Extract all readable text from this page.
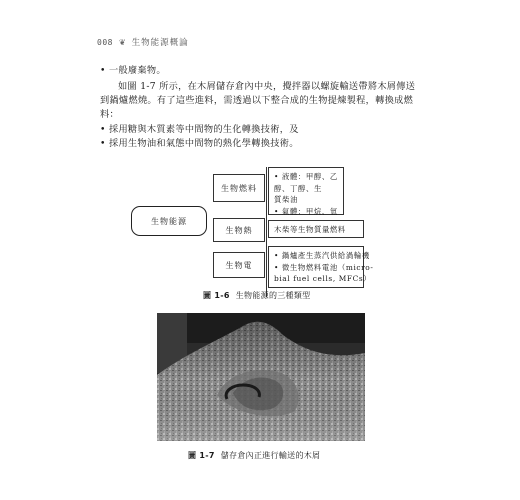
008 ❦ 生物能源概論
• 一般廢棄物。
如圖 1-7 所示，在木屑儲存倉內中央，攪拌器以螺旋輸送帶將木屑傳送到鍋爐燃燒。有了這些進料，需透過以下整合成的生物提煉製程，轉換成燃料：
• 採用糖與木質素等中間物的生化轉換技術，及
• 採用生物油和氣態中間物的熱化學轉換技術。
生物能源
生物燃料
• 液體：甲醇、乙
醇、丁醇、生
質柴油
• 氣體：甲烷、氫
生物熱	木柴等生物質量燃料
生物電
• 鍋爐產生蒸汽供給渦輪機
• 微生物燃料電池（micro-
bial fuel cells, MFCs）
圖 1-6 生物能源的三種類型
圖 1-7 儲存倉內正進行輸送的木屑
